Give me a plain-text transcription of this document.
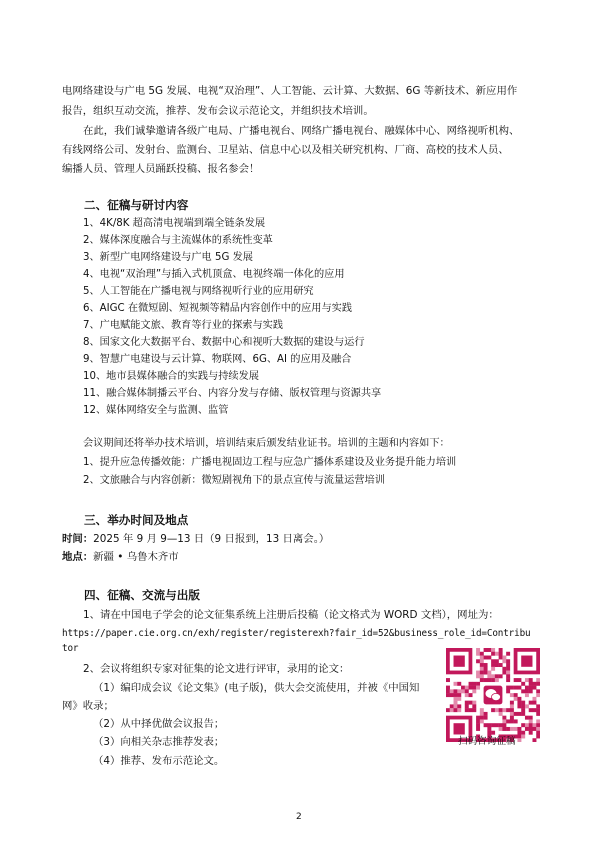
电网络建设与广电 5G 发展、电视“双治理”、人工智能、云计算、大数据、6G 等新技术、新应用作
报告，组织互动交流，推荐、发布会议示范论文，并组织技术培训。
在此，我们诚挚邀请各级广电局、广播电视台、网络广播电视台、融媒体中心、网络视听机构、
有线网络公司、发射台、监测台、卫星站、信息中心以及相关研究机构、厂商、高校的技术人员、
编播人员、管理人员踊跃投稿、报名参会！
二、征稿与研讨内容
1、4K/8K 超高清电视端到端全链条发展
2、媒体深度融合与主流媒体的系统性变革
3、新型广电网络建设与广电 5G 发展
4、电视“双治理”与插入式机顶盒、电视终端一体化的应用
5、人工智能在广播电视与网络视听行业的应用研究
6、AIGC 在微短剧、短视频等精品内容创作中的应用与实践
7、广电赋能文旅、教育等行业的探索与实践
8、国家文化大数据平台、数据中心和视听大数据的建设与运行
9、智慧广电建设与云计算、物联网、6G、AI 的应用及融合
10、地市县媒体融合的实践与持续发展
11、融合媒体制播云平台、内容分发与存储、版权管理与资源共享
12、媒体网络安全与监测、监管
会议期间还将举办技术培训，培训结束后颁发结业证书。培训的主题和内容如下：
1、提升应急传播效能：广播电视固边工程与应急广播体系建设及业务提升能力培训
2、文旅融合与内容创新：微短剧视角下的景点宣传与流量运营培训
三、举办时间及地点
时间：2025 年 9 月 9—13 日（9 日报到，13 日离会。）
地点：新疆 • 乌鲁木齐市
四、征稿、交流与出版
1、请在中国电子学会的论文征集系统上注册后投稿（论文格式为 WORD 文档），网址为：
https://paper.cie.org.cn/exh/register/registerexh?fair_id=52&business_role_id=Contribu
tor
2、会议将组织专家对征集的论文进行评审，录用的论文：
（1）编印成会议《论文集》(电子版)，供大会交流使用，并被《中国知
网》收录；
（2）从中择优做会议报告；
（3）向相关杂志推荐发表；
（4）推荐、发布示范论文。
扫码咨询征稿
2
